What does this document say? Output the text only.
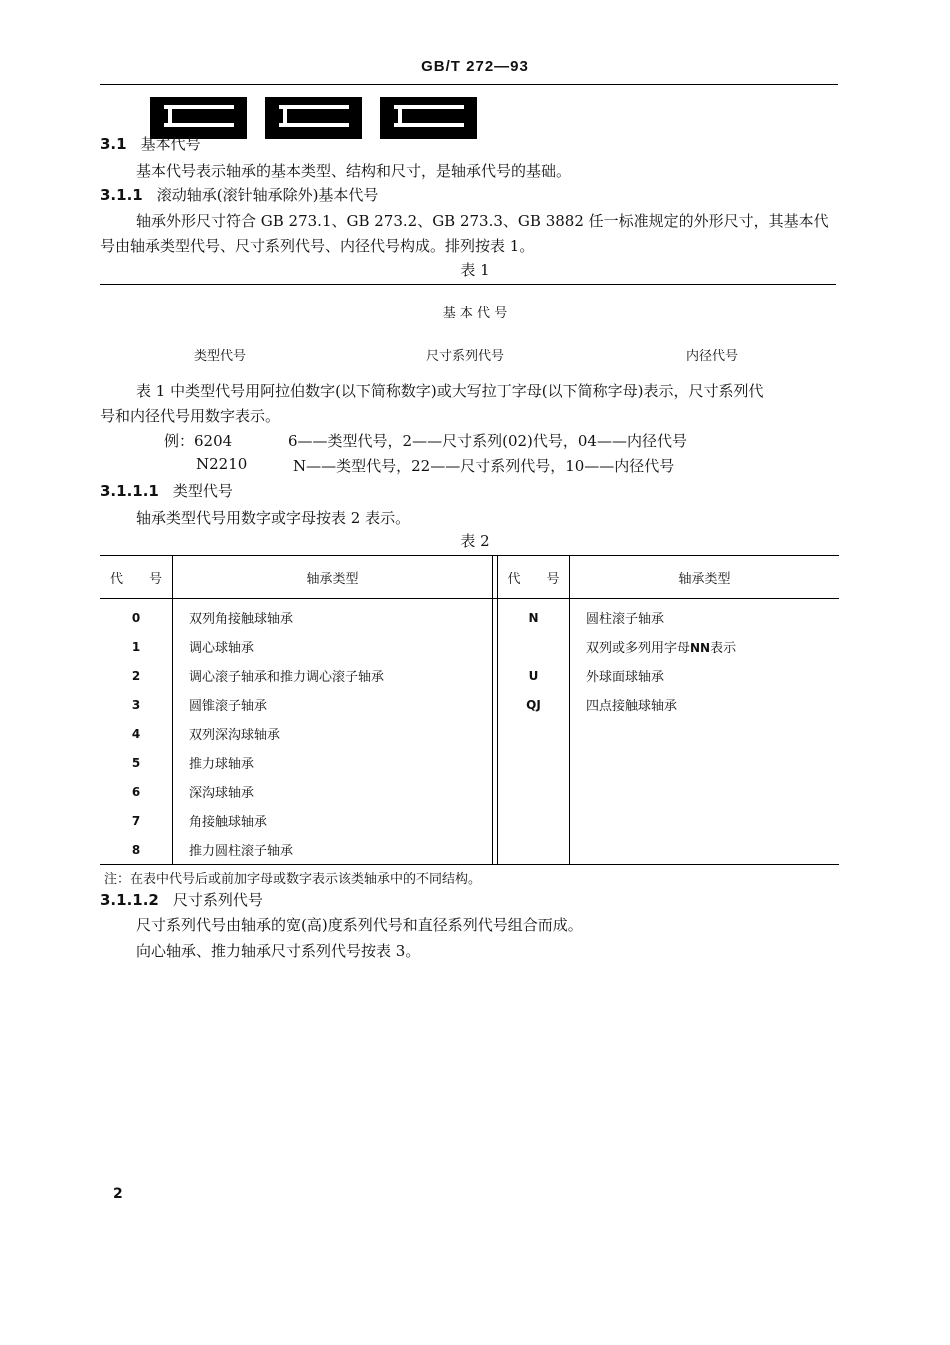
GB/T 272—93
3.1 基本代号
基本代号表示轴承的基本类型、结构和尺寸，是轴承代号的基础。
3.1.1 滚动轴承(滚针轴承除外)基本代号
轴承外形尺寸符合 GB 273.1、GB 273.2、GB 273.3、GB 3882 任一标准规定的外形尺寸，其基本代
号由轴承类型代号、尺寸系列代号、内径代号构成。排列按表 1。
表 1
基 本 代 号
类型代号	尺寸系列代号	内径代号
表 1 中类型代号用阿拉伯数字(以下简称数字)或大写拉丁字母(以下简称字母)表示，尺寸系列代
号和内径代号用数字表示。
例：6204	6——类型代号，2——尺寸系列(02)代号，04——内径代号
N2210	N——类型代号，22——尺寸系列代号，10——内径代号
3.1.1.1 类型代号
轴承类型代号用数字或字母按表 2 表示。
表 2
代　　号	轴承类型		代　　号	轴承类型
0	双列角接触球轴承		N	圆柱滚子轴承
1	调心球轴承			双列或多列用字母NN表示
2	调心滚子轴承和推力调心滚子轴承		U	外球面球轴承
3	圆锥滚子轴承		QJ	四点接触球轴承
4	双列深沟球轴承			
5	推力球轴承			
6	深沟球轴承			
7	角接触球轴承			
8	推力圆柱滚子轴承			
注：在表中代号后或前加字母或数字表示该类轴承中的不同结构。
3.1.1.2 尺寸系列代号
尺寸系列代号由轴承的宽(高)度系列代号和直径系列代号组合而成。
向心轴承、推力轴承尺寸系列代号按表 3。
2
